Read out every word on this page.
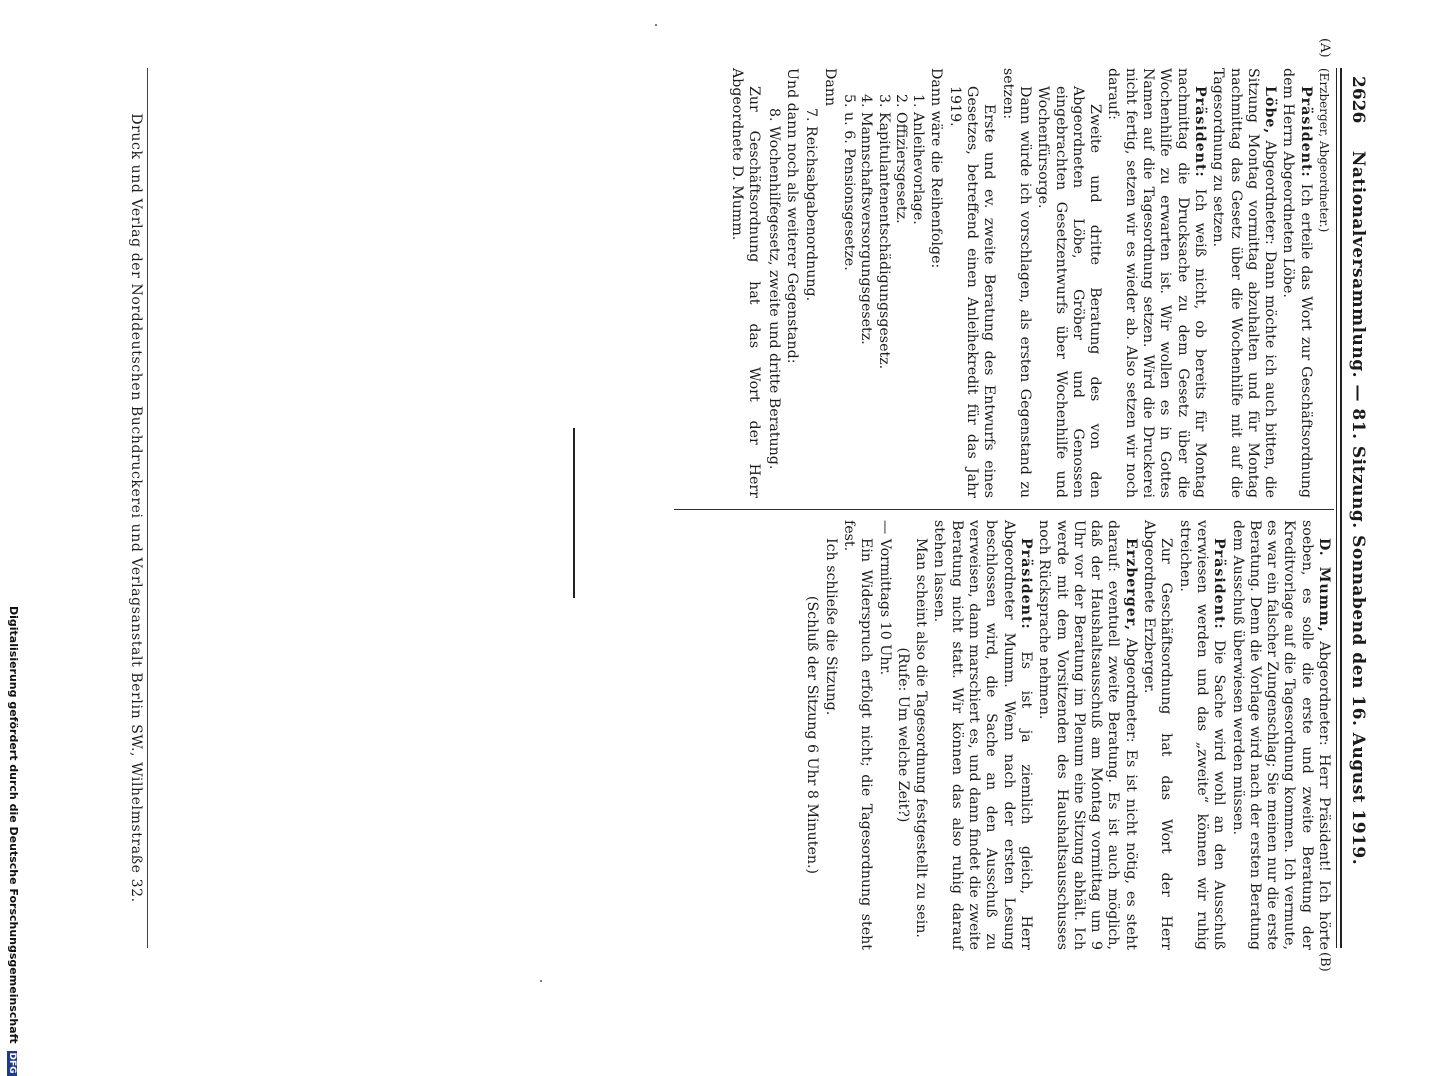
2626
Nationalversammlung. — 81. Sitzung. Sonnabend den 16. August 1919.
(A)
(B)

(Erzberger, Abgeordneter.)

Präsident: Ich erteile das Wort zur Geschäftsordnung dem Herrn Abgeordneten Löbe.

Löbe, Abgeordneter: Dann möchte ich auch bitten, die Sitzung Montag vormittag abzuhalten und für Montag nachmittag das Gesetz über die Wochenhilfe mit auf die Tagesordnung zu setzen.

Präsident: Ich weiß nicht, ob bereits für Montag nachmittag die Drucksache zu dem Gesetz über die Wochenhilfe zu erwarten ist. Wir wollen es in Gottes Namen auf die Tagesordnung setzen. Wird die Druckerei nicht fertig, setzen wir es wieder ab. Also setzen wir noch darauf:

Zweite und dritte Beratung des von den Abgeordneten Löbe, Gröber und Genossen eingebrachten Gesetzentwurfs über Wochenhilfe und Wochenfürsorge.

Dann würde ich vorschlagen, als ersten Gegenstand zu setzen:

Erste und ev. zweite Beratung des Entwurfs eines Gesetzes, betreffend einen Anleihekredit für das Jahr 1919.

Dann wäre die Reihenfolge:

1. Anleihevorlage.
2. Offiziersgesetz.
3. Kapitulantenentschädigungsgesetz.
4. Mannschaftsversorgungsgesetz.
5. u. 6. Pensionsgesetze.

Dann

7. Reichsabgabenordnung.

Und dann noch als weiterer Gegenstand:

8. Wochenhilfegesetz, zweite und dritte Beratung.

Zur Geschäftsordnung hat das Wort der Herr Abgeordnete D. Mumm.

D. Mumm, Abgeordneter: Herr Präsident! Ich hörte soeben, es solle die erste und zweite Beratung der Kreditvorlage auf die Tagesordnung kommen. Ich vermute, es war ein falscher Zungenschlag; Sie meinen nur die erste Beratung. Denn die Vorlage wird nach der ersten Beratung dem Ausschuß überwiesen werden müssen.

Präsident: Die Sache wird wohl an den Ausschuß verwiesen werden und das „zweite“ können wir ruhig streichen.

Zur Geschäftsordnung hat das Wort der Herr Abgeordnete Erzberger.

Erzberger, Abgeordneter: Es ist nicht nötig, es steht darauf: eventuell zweite Beratung. Es ist auch möglich, daß der Haushaltsausschuß am Montag vormittag um 9 Uhr vor der Beratung im Plenum eine Sitzung abhält. Ich werde mit dem Vorsitzenden des Haushaltsausschusses noch Rücksprache nehmen.

Präsident: Es ist ja ziemlich gleich, Herr Abgeordneter Mumm. Wenn nach der ersten Lesung beschlossen wird, die Sache an den Ausschuß zu verweisen, dann marschiert es, und dann findet die zweite Beratung nicht statt. Wir können das also ruhig darauf stehen lassen.

Man scheint also die Tagesordnung festgestellt zu sein.

(Rufe: Um welche Zeit?)

— Vormittags 10 Uhr.

Ein Widerspruch erfolgt nicht; die Tagesordnung steht fest.

Ich schließe die Sitzung.

(Schluß der Sitzung 6 Uhr 8 Minuten.)

Druck und Verlag der Norddeutschen Buchdruckerei und Verlagsanstalt Berlin SW., Wilhelmstraße 32.
Digitalisierung gefördert durch die Deutsche Forschungsgemeinschaft DFG
